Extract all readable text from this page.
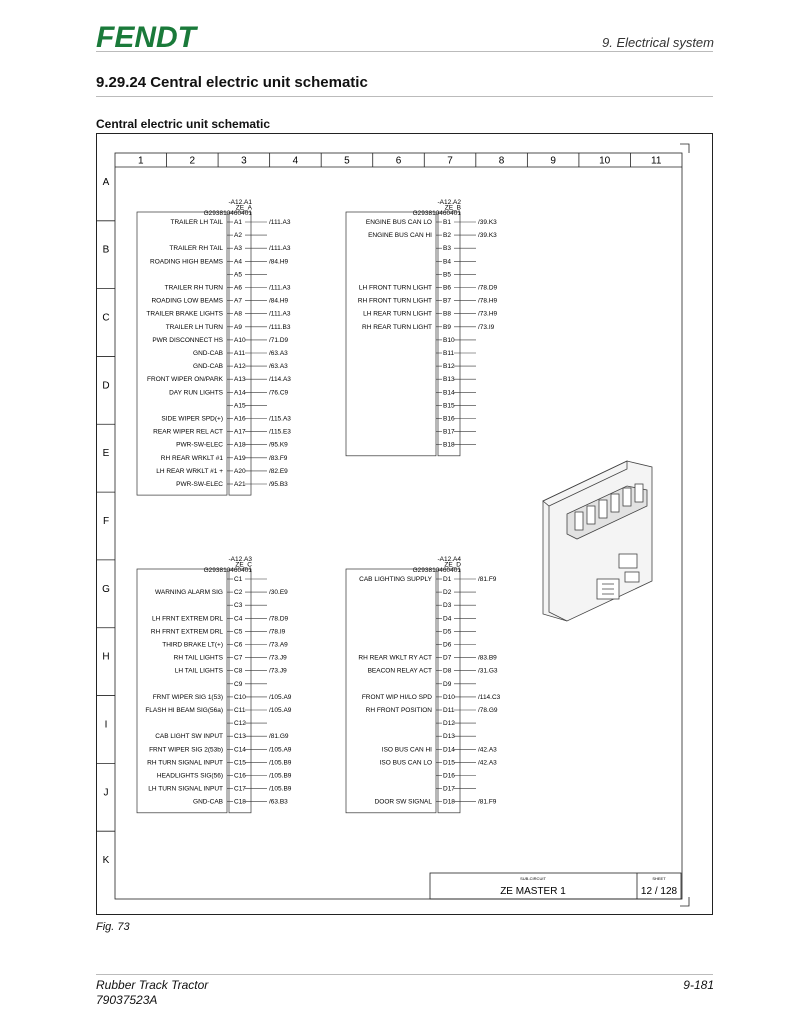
FENDT	9. Electrical system
9.29.24 Central electric unit schematic
Central electric unit schematic
1	2	3	4	5	6	7	8	9	10	11
A
B
C
D
E
F
G
H
I
J
K
-A12.A1
ZE_A
G293810460401
TRAILER LH TAIL A1	/111.A3
A2
TRAILER RH TAIL A3	/111.A3
ROADING HIGH BEAMS A4	/84.H9
A5
TRAILER RH TURN A6	/111.A3
ROADING LOW BEAMS A7	/84.H9
TRAILER BRAKE LIGHTS A8	/111.A3
TRAILER LH TURN A9	/111.B3
PWR DISCONNECT HS A10	/71.D9
GND-CAB A11	/63.A3
GND-CAB A12	/63.A3
FRONT WIPER ON/PARK A13	/114.A3
DAY RUN LIGHTS A14	/76.C9
A15
SIDE WIPER SPD(+) A16	/115.A3
REAR WIPER REL ACT A17	/115.E3
PWR-SW-ELEC A18	/95.K9
RH REAR WRKLT #1 A19	/83.F9
LH REAR WRKLT #1 + A20	/82.E9
PWR-SW-ELEC A21	/95.B3
-A12.A2
ZE_B
G293810460401
ENGINE BUS CAN LO B1	/39.K3
ENGINE BUS CAN HI B2	/39.K3
B3
B4
B5
LH FRONT TURN LIGHT B6	/78.D9
RH FRONT TURN LIGHT B7	/78.H9
LH REAR TURN LIGHT B8	/73.H9
RH REAR TURN LIGHT B9	/73.I9
B10
B11
B12
B13
B14
B15
B16
B17
B18
-A12.A3
ZE_C
G293810460401
C1
WARNING ALARM SIG C2	/30.E9
C3
LH FRNT EXTREM DRL C4	/78.D9
RH FRNT EXTREM DRL C5	/78.I9
THIRD BRAKE LT(+) C6	/73.A9
RH TAIL LIGHTS C7	/73.J9
LH TAIL LIGHTS C8	/73.J9
C9
FRNT WIPER SIG 1(53) C10	/105.A9
FLASH HI BEAM SIG(56a) C11	/105.A9
C12
CAB LIGHT SW INPUT C13	/81.G9
FRNT WIPER SIG 2(53b) C14	/105.A9
RH TURN SIGNAL INPUT C15	/105.B9
HEADLIGHTS SIG(56) C16	/105.B9
LH TURN SIGNAL INPUT C17	/105.B9
GND-CAB C18	/63.B3
-A12.A4
ZE_D
G293810460401
CAB LIGHTING SUPPLY D1	/81.F9
D2
D3
D4
D5
D6
RH REAR WKLT RY ACT D7	/83.B9
BEACON RELAY ACT D8	/31.G3
D9
FRONT WIP HI/LO SPD D10	/114.C3
RH FRONT POSITION D11	/78.G9
D12
D13
ISO BUS CAN HI D14	/42.A3
ISO BUS CAN LO D15	/42.A3
D16
D17
DOOR SW SIGNAL D18	/81.F9
SUB-CIRCUIT
ZE MASTER 1
SHEET
12 / 128
Fig. 73
Rubber Track Tractor
79037523A
9-181
